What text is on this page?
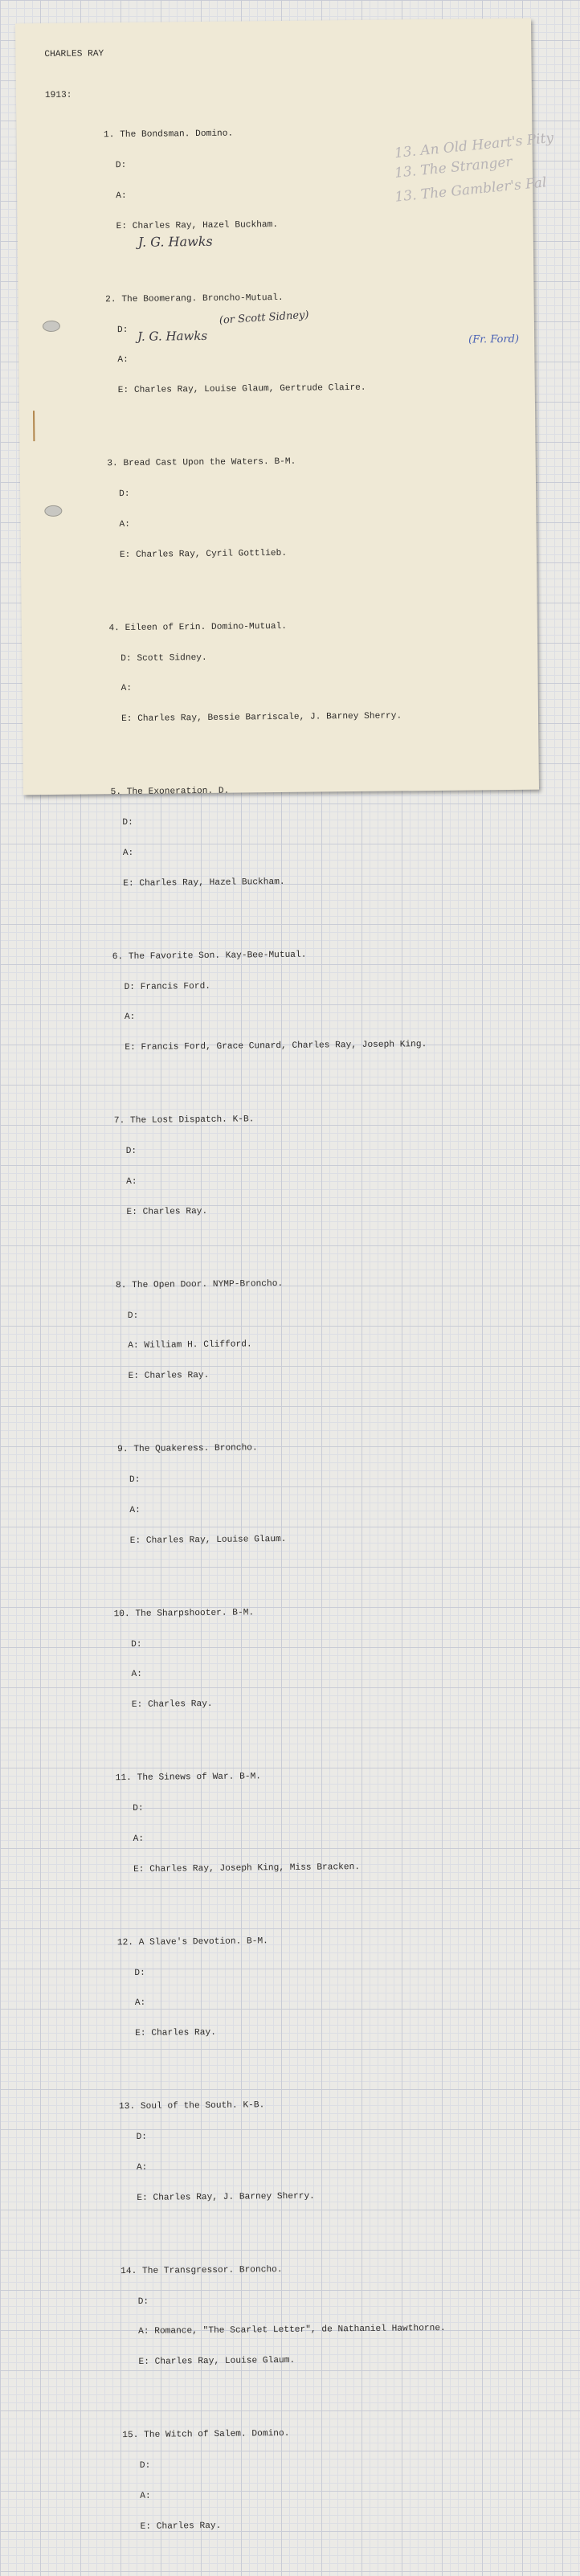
CHARLES RAY
1913:

1. The Bondsman. Domino.

D:

A:

E: Charles Ray, Hazel Buckham.

2. The Boomerang. Broncho-Mutual.

D:

A:

E: Charles Ray, Louise Glaum, Gertrude Claire.

3. Bread Cast Upon the Waters. B-M.

D:

A:

E: Charles Ray, Cyril Gottlieb.

4. Eileen of Erin. Domino-Mutual.

D: Scott Sidney.

A:

E: Charles Ray, Bessie Barriscale, J. Barney Sherry.

5. The Exoneration. D.

D:

A:

E: Charles Ray, Hazel Buckham.

6. The Favorite Son. Kay-Bee-Mutual.

D: Francis Ford.

A:

E: Francis Ford, Grace Cunard, Charles Ray, Joseph King.

7. The Lost Dispatch. K-B.

D:

A:

E: Charles Ray.

8. The Open Door. NYMP-Broncho.

D:

A: William H. Clifford.

E: Charles Ray.

9. The Quakeress. Broncho.

D:

A:

E: Charles Ray, Louise Glaum.

10. The Sharpshooter. B-M.

D:

A:

E: Charles Ray.

11. The Sinews of War. B-M.

D:

A:

E: Charles Ray, Joseph King, Miss Bracken.

12. A Slave's Devotion. B-M.

D:

A:

E: Charles Ray.

13. Soul of the South. K-B.

D:

A:

E: Charles Ray, J. Barney Sherry.

14. The Transgressor. Broncho.

D:

A: Romance, "The Scarlet Letter", de Nathaniel Hawthorne.

E: Charles Ray, Louise Glaum.

15. The Witch of Salem. Domino.

D:

A:

E: Charles Ray.

13. An Old Heart's Pity
13. The Stranger
13. The Gambler's Pal
J. G. Hawks
(or Scott Sidney)
J. G. Hawks	(Fr. Ford)
